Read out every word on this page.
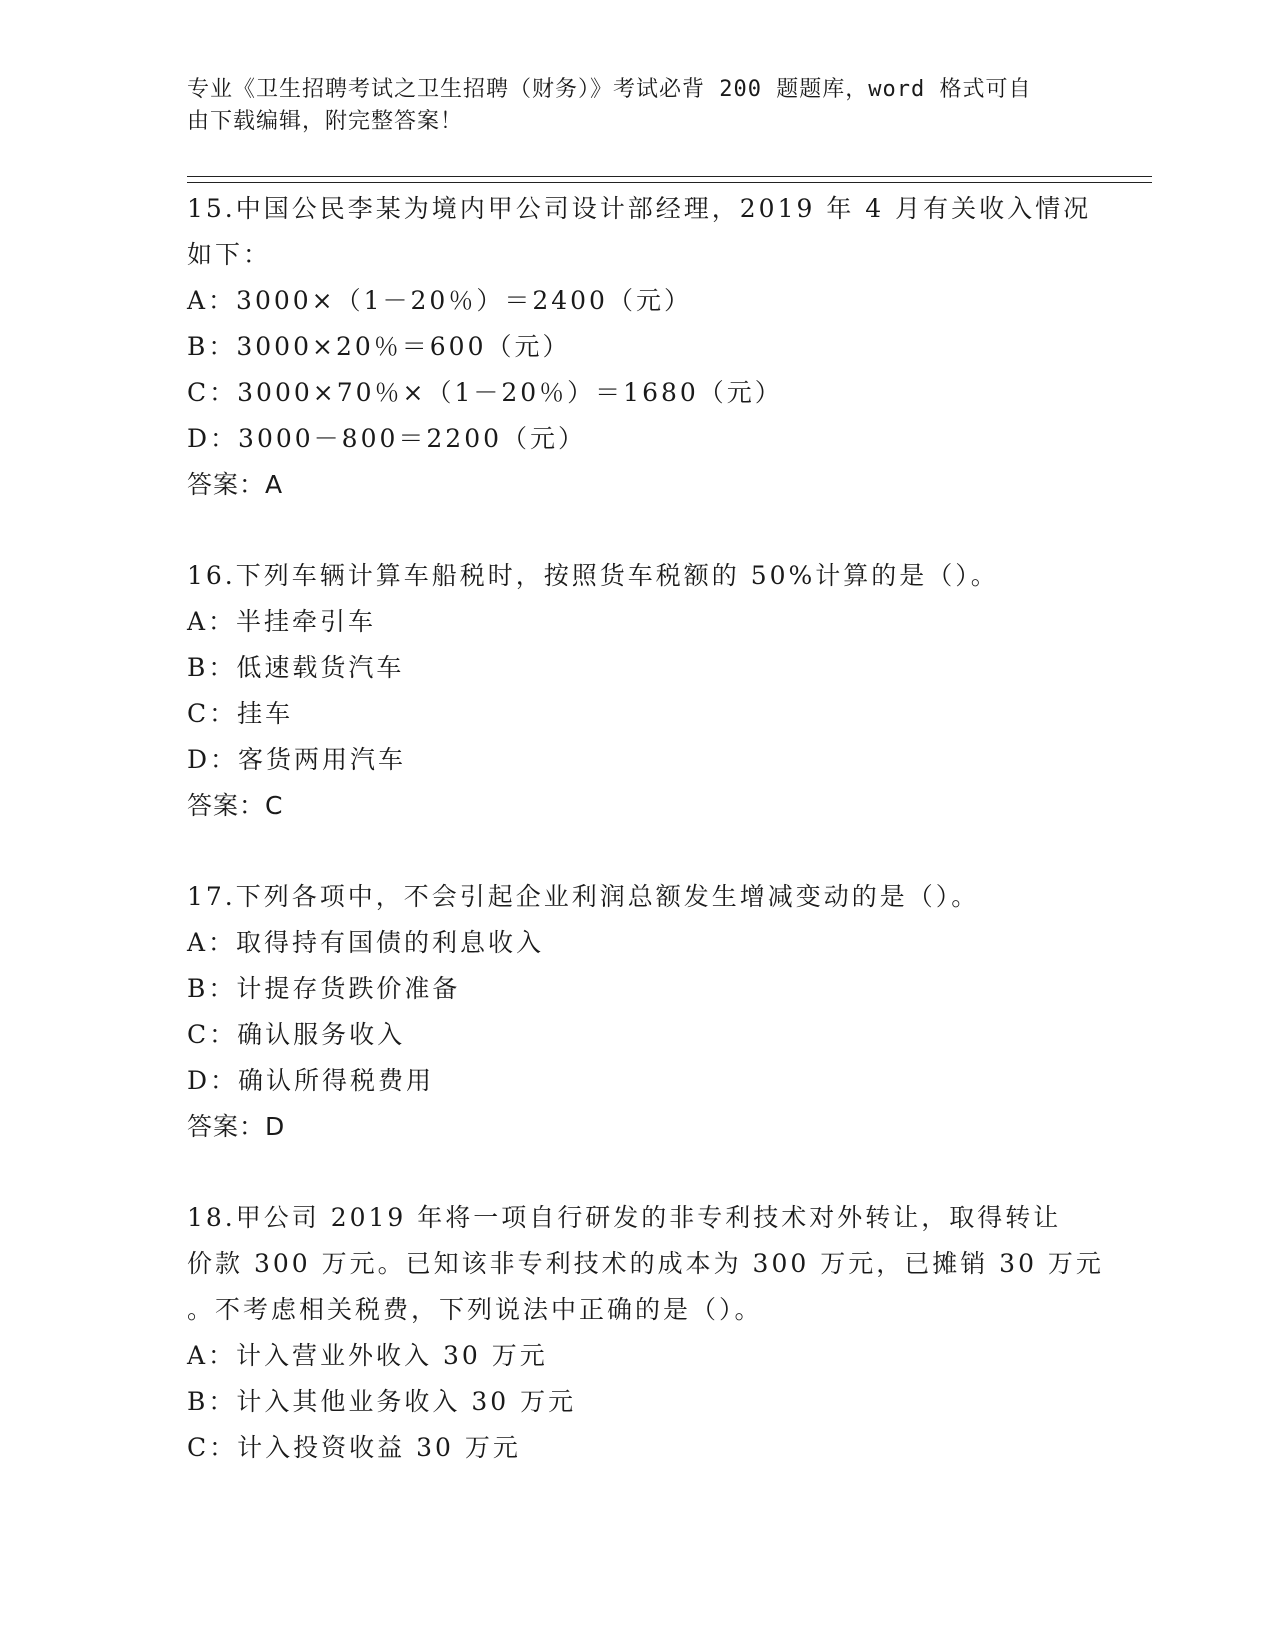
专业《卫生招聘考试之卫生招聘（财务）》考试必背 200 题题库，word 格式可自
由下载编辑，附完整答案！
15.中国公民李某为境内甲公司设计部经理，2019 年 4 月有关收入情况
如下：
A：3000×（1－20％）＝2400（元）
B：3000×20％＝600（元）
C：3000×70％×（1－20％）＝1680（元）
D：3000－800＝2200（元）
答案：A
16.下列车辆计算车船税时，按照货车税额的 50%计算的是（）。
A：半挂牵引车
B：低速载货汽车
C：挂车
D：客货两用汽车
答案：C
17.下列各项中，不会引起企业利润总额发生增减变动的是（）。
A：取得持有国债的利息收入
B：计提存货跌价准备
C：确认服务收入
D：确认所得税费用
答案：D
18.甲公司 2019 年将一项自行研发的非专利技术对外转让，取得转让
价款 300 万元。已知该非专利技术的成本为 300 万元，已摊销 30 万元
。不考虑相关税费，下列说法中正确的是（）。
A：计入营业外收入 30 万元
B：计入其他业务收入 30 万元
C：计入投资收益 30 万元
